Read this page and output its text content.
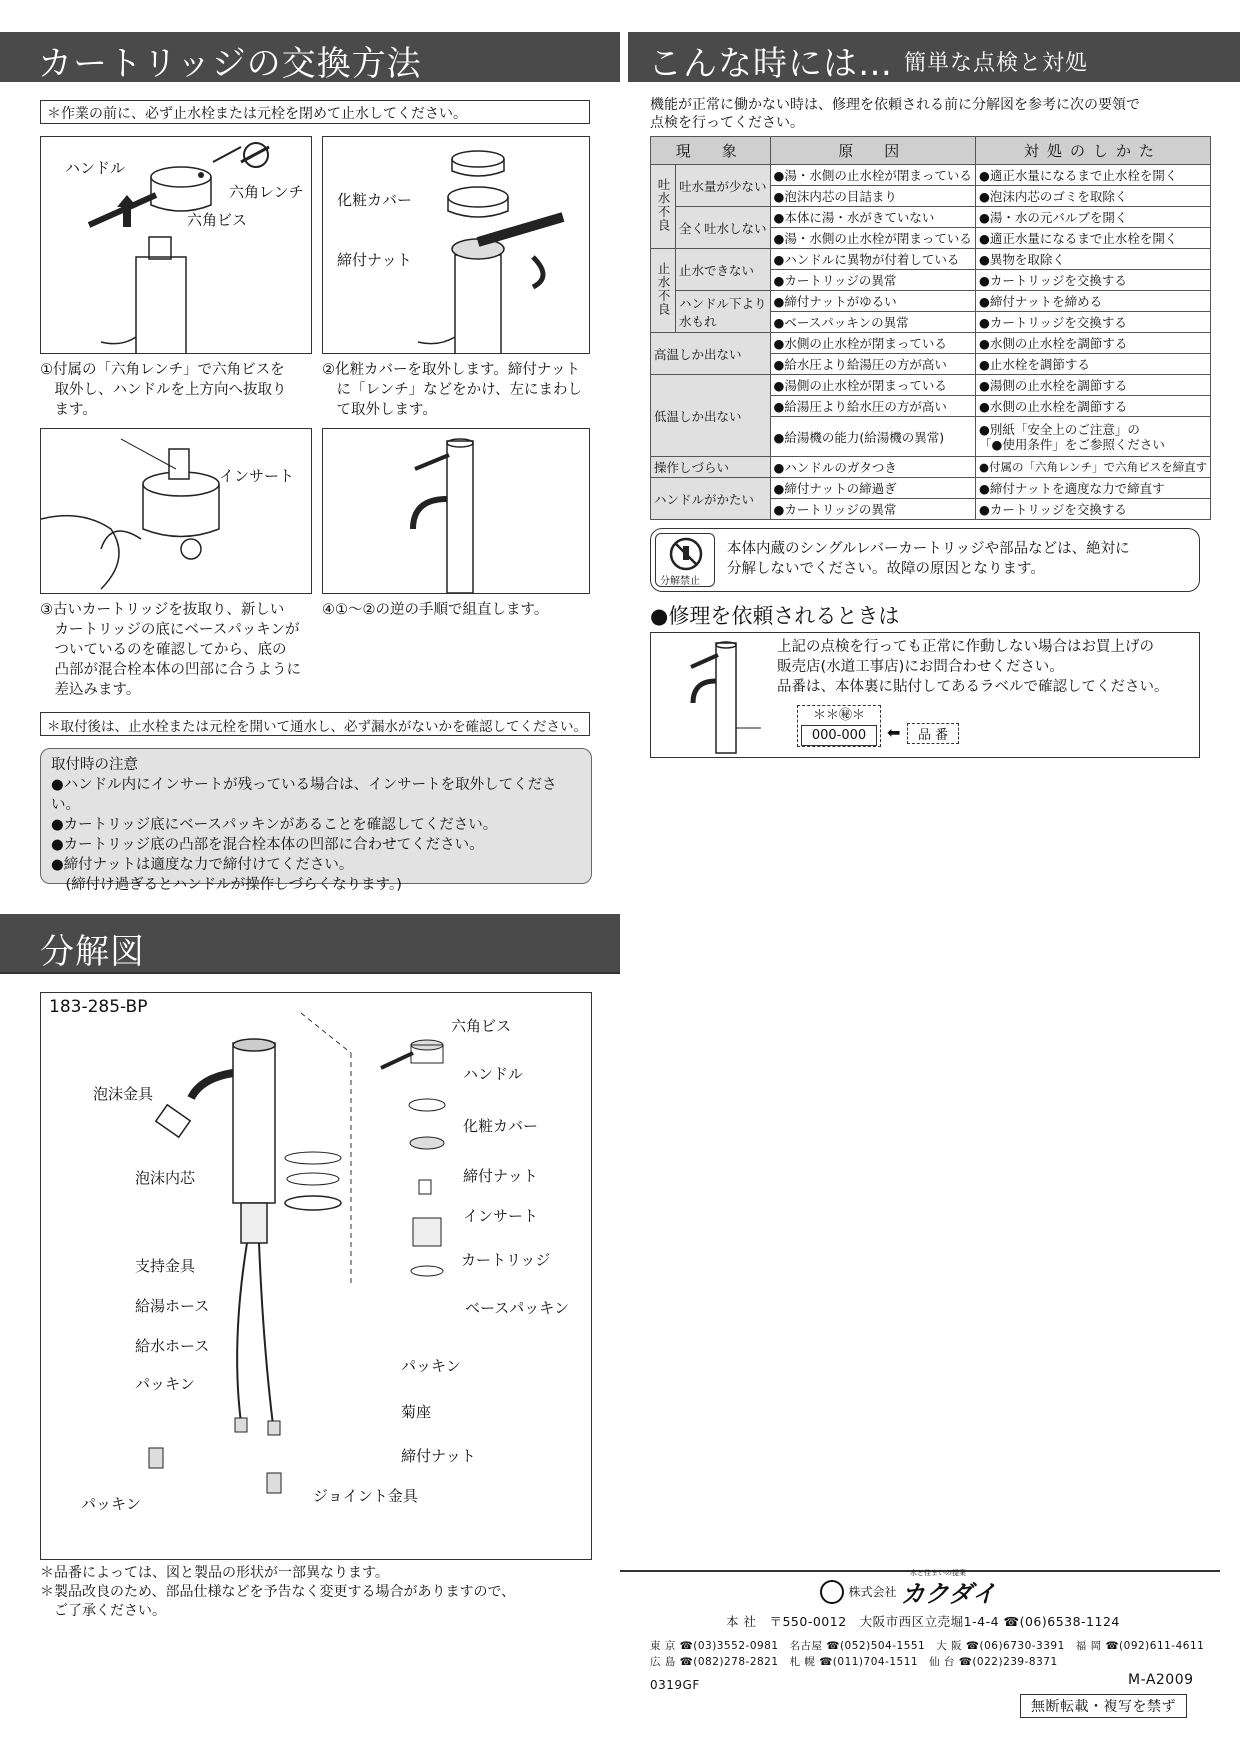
カートリッジの交換方法	こんな時には… 簡単な点検と対処
＊作業の前に、必ず止水栓または元栓を閉めて止水してください。
ハンドル
六角レンチ
六角ビス
化粧カバー
締付ナット
①付属の「六角レンチ」で六角ビスを
　取外し、ハンドルを上方向へ抜取り
　ます。
②化粧カバーを取外します。締付ナット
　に「レンチ」などをかけ、左にまわし
　て取外します。
インサート
③古いカートリッジを抜取り、新しい
　カートリッジの底にベースパッキンが
　ついているのを確認してから、底の
　凸部が混合栓本体の凹部に合うように
　差込みます。
④①～②の逆の手順で組直します。
＊取付後は、止水栓または元栓を開いて通水し、必ず漏水がないかを確認してください。
取付時の注意
●ハンドル内にインサートが残っている場合は、インサートを取外してください。
●カートリッジ底にベースパッキンがあることを確認してください。
●カートリッジ底の凸部を混合栓本体の凹部に合わせてください。
●締付ナットは適度な力で締付けてください。
　(締付け過ぎるとハンドルが操作しづらくなります。)
機能が正常に働かない時は、修理を依頼される前に分解図を参考に次の要領で
点検を行ってください。
現　象		原　因	対処のしかた
吐水不良	吐水量が少ない	●湯・水側の止水栓が閉まっている	●適正水量になるまで止水栓を開く
		●泡沫内芯の目詰まり	●泡沫内芯のゴミを取除く
	全く吐水しない	●本体に湯・水がきていない	●湯・水の元バルブを開く
		●湯・水側の止水栓が閉まっている	●適正水量になるまで止水栓を開く
止水不良	止水できない	●ハンドルに異物が付着している	●異物を取除く
		●カートリッジの異常	●カートリッジを交換する
	ハンドル下より水もれ	●締付ナットがゆるい	●締付ナットを締める
		●ベースパッキンの異常	●カートリッジを交換する
高温しか出ない		●水側の止水栓が閉まっている	●水側の止水栓を調節する
		●給水圧より給湯圧の方が高い	●止水栓を調節する
低温しか出ない		●湯側の止水栓が閉まっている	●湯側の止水栓を調節する
		●給湯圧より給水圧の方が高い	●水側の止水栓を調節する
		●給湯機の能力(給湯機の異常)	●別紙「安全上のご注意」の
「●使用条件」をご参照ください
操作しづらい		●ハンドルのガタつき	●付属の「六角レンチ」で六角ビスを締直す
ハンドルがかたい		●締付ナットの締過ぎ	●締付ナットを適度な力で締直す
		●カートリッジの異常	●カートリッジを交換する
分解禁止
本体内蔵のシングルレバーカートリッジや部品などは、絶対に
分解しないでください。故障の原因となります。
●修理を依頼されるときは
上記の点検を行っても正常に作動しない場合はお買上げの
販売店(水道工事店)にお問合わせください。
品番は、本体裏に貼付してあるラベルで確認してください。
＊＊㊙＊
000-000	⬅	品 番
分解図
183-285-BP
六角ビス
ハンドル
化粧カバー
締付ナット
インサート
カートリッジ
ベースパッキン
泡沫金具
泡沫内芯
支持金具
給湯ホース
給水ホース
パッキン
パッキン
パッキン
菊座
締付ナット
ジョイント金具
＊品番によっては、図と製品の形状が一部異なります。
＊製品改良のため、部品仕様などを予告なく変更する場合がありますので、
　ご了承ください。
株式会社 カクダイ
水と住まいの提案
本 社　〒550-0012　大阪市西区立売堀1-4-4 ☎(06)6538-1124
東 京 ☎(03)3552-0981　名古屋 ☎(052)504-1551　大 阪 ☎(06)6730-3391　福 岡 ☎(092)611-4611
広 島 ☎(082)278-2821　札 幌 ☎(011)704-1511　仙 台 ☎(022)239-8371
0319GF	M-A2009
無断転載・複写を禁ず
